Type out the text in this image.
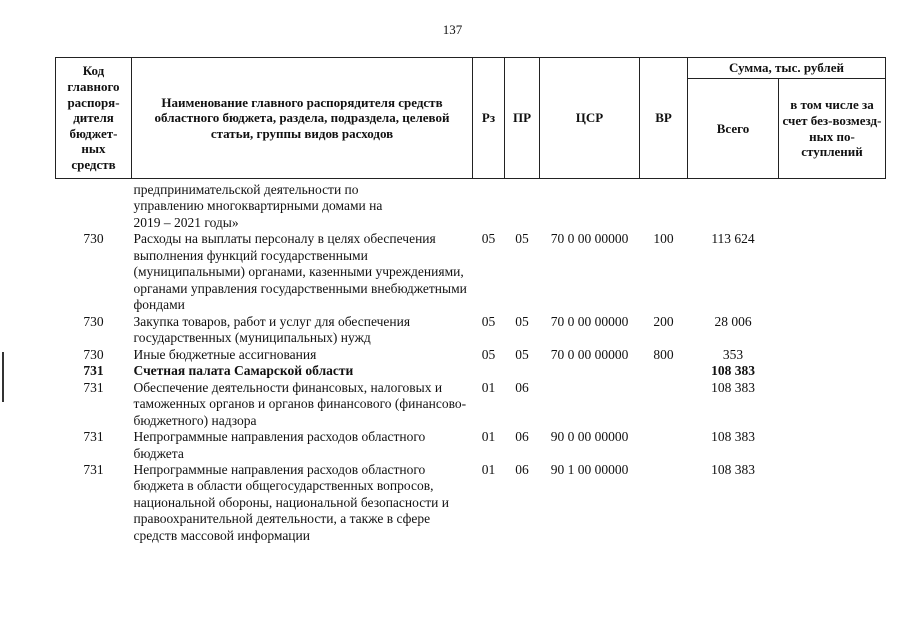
137
Код главного распоря-дителя бюджет-ных средств	Наименование главного распорядителя средств областного бюджета, раздела, подраздела, целевой статьи, группы видов расходов	Рз	ПР	ЦСР	ВР	Сумма, тыс. рублей	
						Всего	в том числе за счет без-возмезд-ных по-ступлений
	предпринимательской деятельности по управлению многоквартирными домами на 2019 – 2021 годы»						
730	Расходы на выплаты персоналу в целях обеспечения выполнения функций государственными (муниципальными) органами, казенными учреждениями, органами управления государственными внебюджетными фондами	05	05	70 0 00 00000	100	113 624	
730	Закупка товаров, работ и услуг для обеспечения государственных (муниципальных) нужд	05	05	70 0 00 00000	200	28 006	
730	Иные бюджетные ассигнования	05	05	70 0 00 00000	800	353	
731	Счетная палата Самарской области					108 383	
731	Обеспечение деятельности финансовых, налоговых и таможенных органов и органов финансового (финансово-бюджетного) надзора	01	06			108 383	
731	Непрограммные направления расходов областного бюджета	01	06	90 0 00 00000		108 383	
731	Непрограммные направления расходов областного бюджета в области общегосударственных вопросов, национальной обороны, национальной безопасности и правоохранительной деятельности, а также в сфере средств массовой информации	01	06	90 1 00 00000		108 383	
